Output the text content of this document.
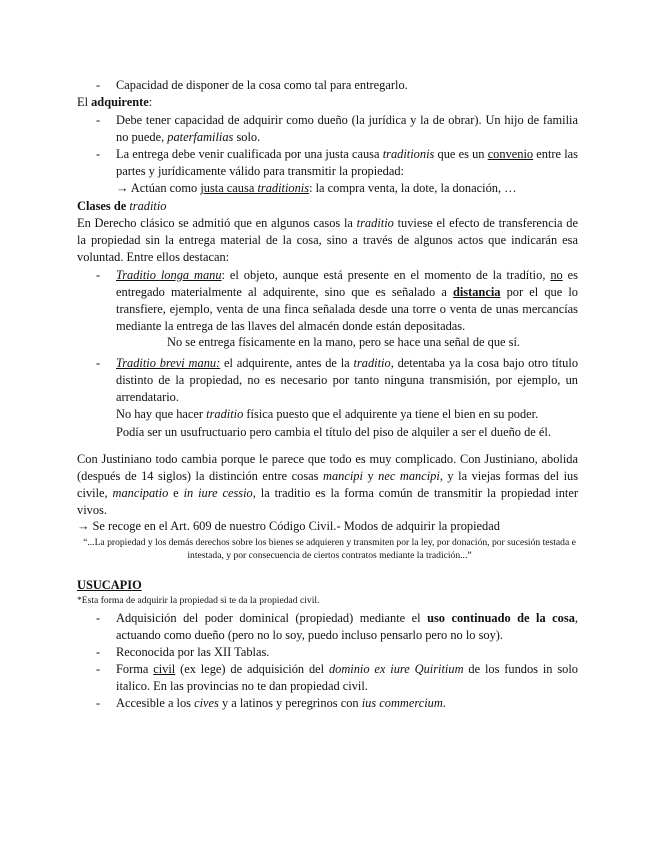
- Capacidad de disponer de la cosa como tal para entregarlo.
El adquirente:
- Debe tener capacidad de adquirir como dueño (la jurídica y la de obrar). Un hijo de familia no puede, paterfamilias solo.
- La entrega debe venir cualificada por una justa causa traditionis que es un convenio entre las partes y jurídicamente válido para transmitir la propiedad:
→ Actúan como justa causa traditionis: la compra venta, la dote, la donación, …
Clases de traditio
En Derecho clásico se admitió que en algunos casos la traditio tuviese el efecto de transferencia de la propiedad sin la entrega material de la cosa, sino a través de algunos actos que indicarán esa voluntad. Entre ellos destacan:
- Traditio longa manu: el objeto, aunque está presente en el momento de la tradítio, no es entregado materialmente al adquirente, sino que es señalado a distancia por el que lo transfiere, ejemplo, venta de una finca señalada desde una torre o venta de unas mercancías mediante la entrega de las llaves del almacén donde están depositadas.
No se entrega físicamente en la mano, pero se hace una señal de que sí.
- Traditio brevi manu: el adquirente, antes de la traditio, detentaba ya la cosa bajo otro título distinto de la propiedad, no es necesario por tanto ninguna transmisión, por ejemplo, un arrendatario.
No hay que hacer traditio física puesto que el adquirente ya tiene el bien en su poder.
Podía ser un usufructuario pero cambia el título del piso de alquiler a ser el dueño de él.
Con Justiniano todo cambia porque le parece que todo es muy complicado. Con Justiniano, abolida (después de 14 siglos) la distinción entre cosas mancipi y nec mancipi, y la viejas formas del ius civile, mancipatio e in iure cessio, la traditio es la forma común de transmitir la propiedad inter vivos.
→ Se recoge en el Art. 609 de nuestro Código Civil.- Modos de adquirir la propiedad
“...La propiedad y los demás derechos sobre los bienes se adquieren y transmiten por la ley, por donación, por sucesión testada e intestada, y por consecuencia de ciertos contratos mediante la tradición...”
USUCAPIO
*Esta forma de adquirir la propiedad si te da la propiedad civil.
- Adquisición del poder dominical (propiedad) mediante el uso continuado de la cosa, actuando como dueño (pero no lo soy, puedo incluso pensarlo pero no lo soy).
- Reconocida por las XII Tablas.
- Forma civil (ex lege) de adquisición del dominio ex iure Quiritium de los fundos in solo italico. En las provincias no te dan propiedad civil.
- Accesible a los cives y a latinos y peregrinos con ius commercium.
